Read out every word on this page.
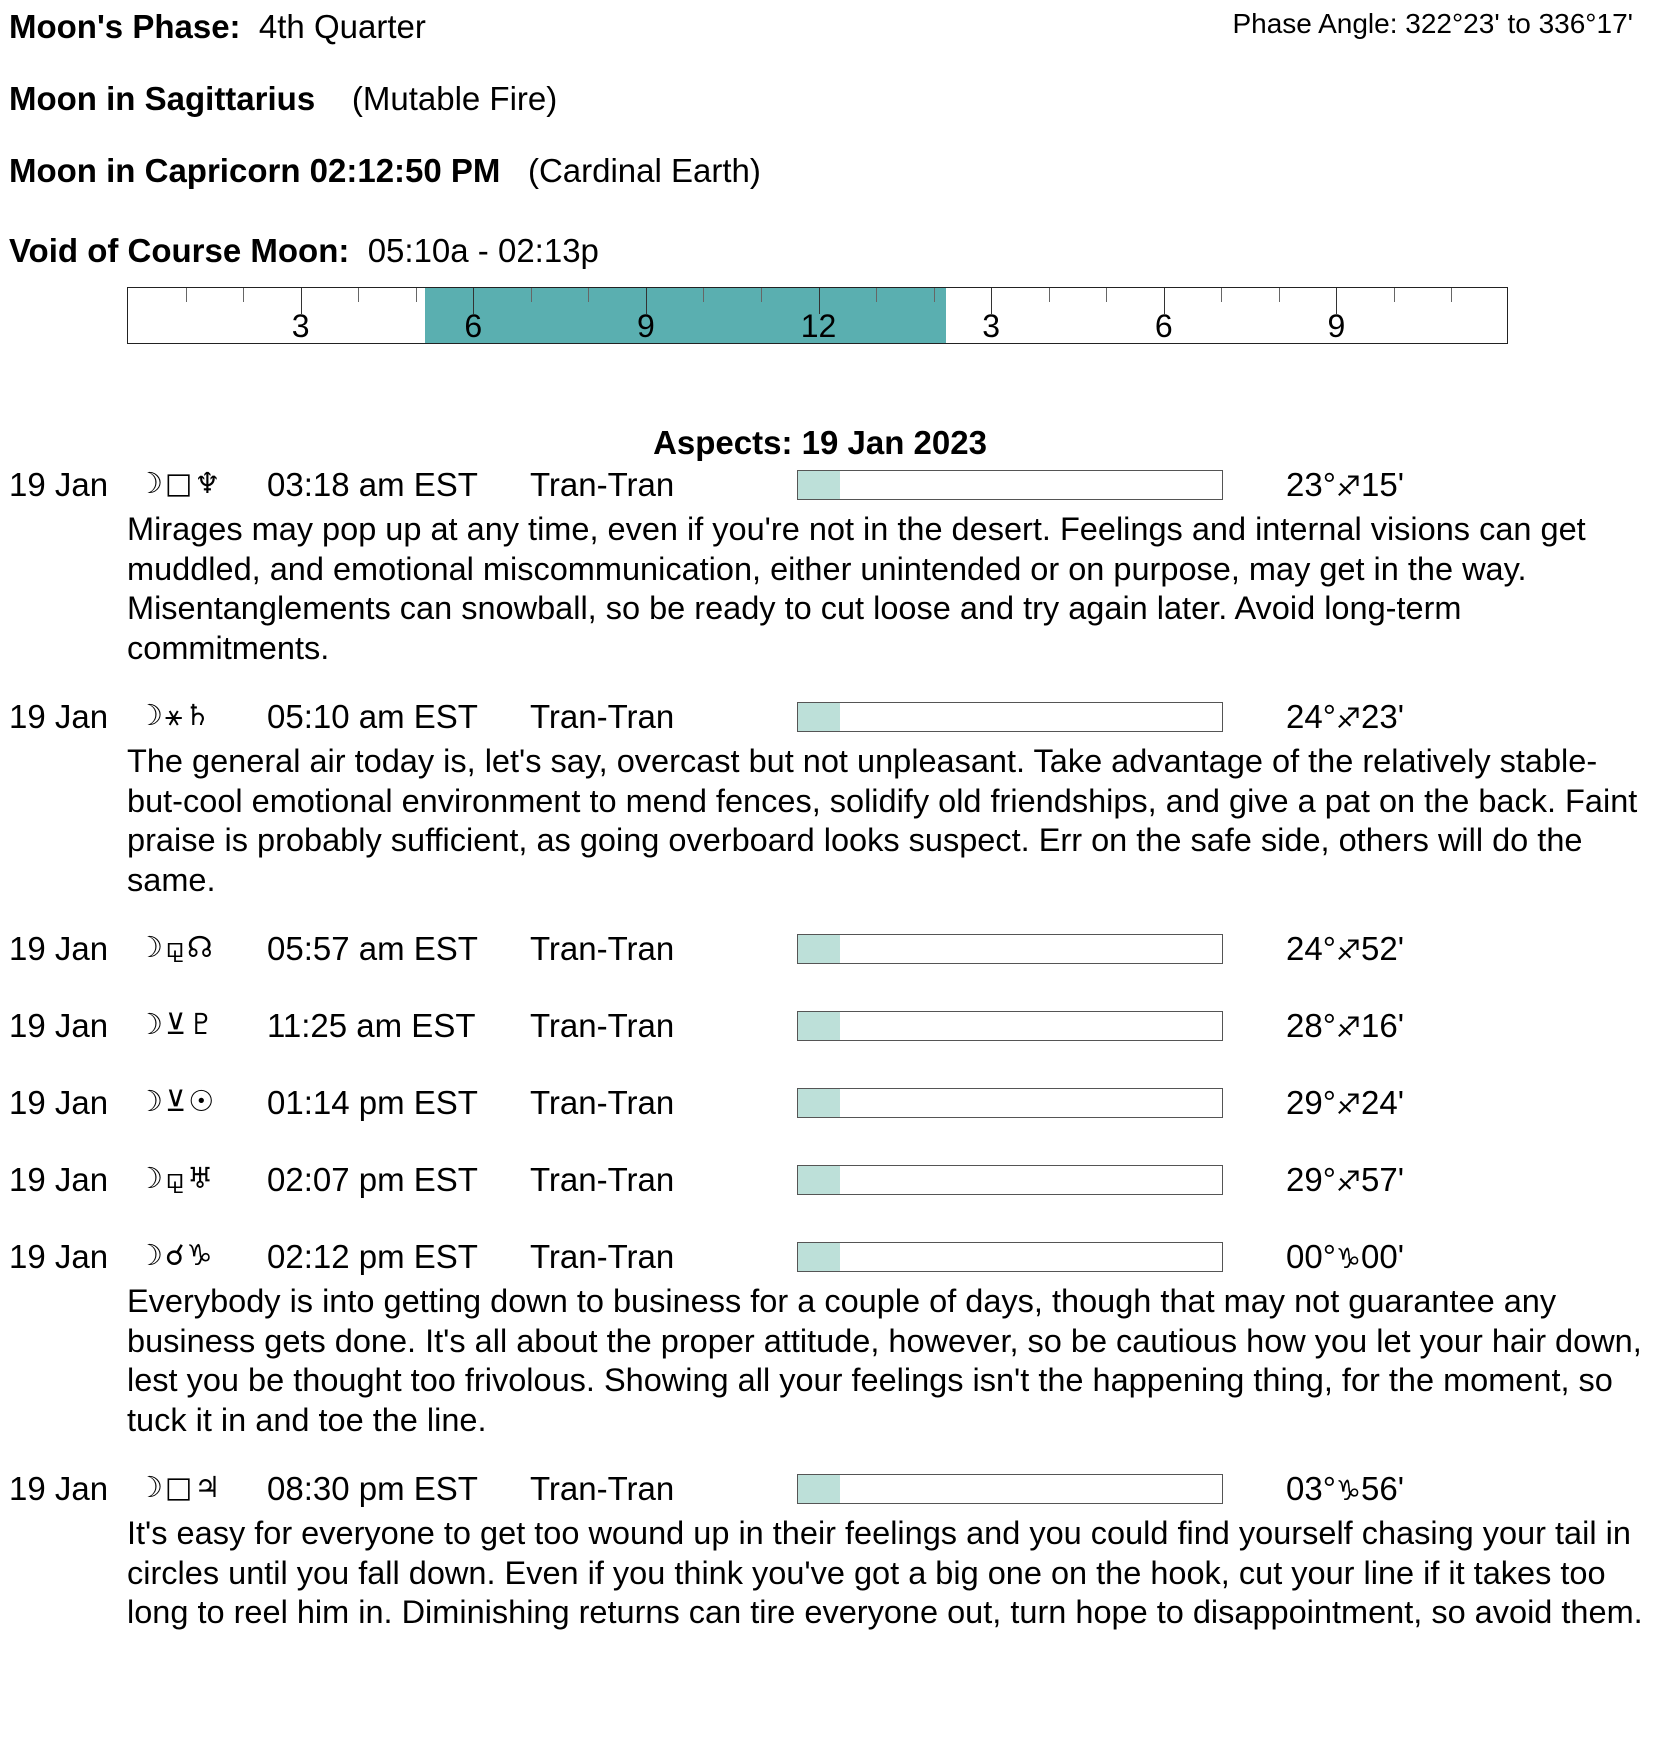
Moon's Phase: 4th Quarter	Phase Angle: 322°23' to 336°17'
Moon in Sagittarius (Mutable Fire)
Moon in Capricorn 02:12:50 PM (Cardinal Earth)
Void of Course Moon: 05:10a - 02:13p
3	6	9	12	3	6	9
Aspects: 19 Jan 2023
19 Jan ☽□♆ 03:18 am EST Tran-Tran	23°♐15'
Mirages may pop up at any time, even if you're not in the desert. Feelings and internal visions can get muddled, and emotional miscommunication, either unintended or on purpose, may get in the way. Misentanglements can snowball, so be ready to cut loose and try again later. Avoid long-term commitments.
19 Jan ☽⚹♄ 05:10 am EST Tran-Tran	24°♐23'
The general air today is, let's say, overcast but not unpleasant. Take advantage of the relatively stable-but-cool emotional environment to mend fences, solidify old friendships, and give a pat on the back. Faint praise is probably sufficient, as going overboard looks suspect. Err on the safe side, others will do the same.
19 Jan ☽⚼☊ 05:57 am EST Tran-Tran	24°♐52'
19 Jan ☽⊻♇ 11:25 am EST Tran-Tran	28°♐16'
19 Jan ☽⊻☉ 01:14 pm EST Tran-Tran	29°♐24'
19 Jan ☽⚼♅ 02:07 pm EST Tran-Tran	29°♐57'
19 Jan ☽☌♑ 02:12 pm EST Tran-Tran	00°♑00'
Everybody is into getting down to business for a couple of days, though that may not guarantee any business gets done. It's all about the proper attitude, however, so be cautious how you let your hair down, lest you be thought too frivolous. Showing all your feelings isn't the happening thing, for the moment, so tuck it in and toe the line.
19 Jan ☽□♃ 08:30 pm EST Tran-Tran	03°♑56'
It's easy for everyone to get too wound up in their feelings and you could find yourself chasing your tail in circles until you fall down. Even if you think you've got a big one on the hook, cut your line if it takes too long to reel him in. Diminishing returns can tire everyone out, turn hope to disappointment, so avoid them.
